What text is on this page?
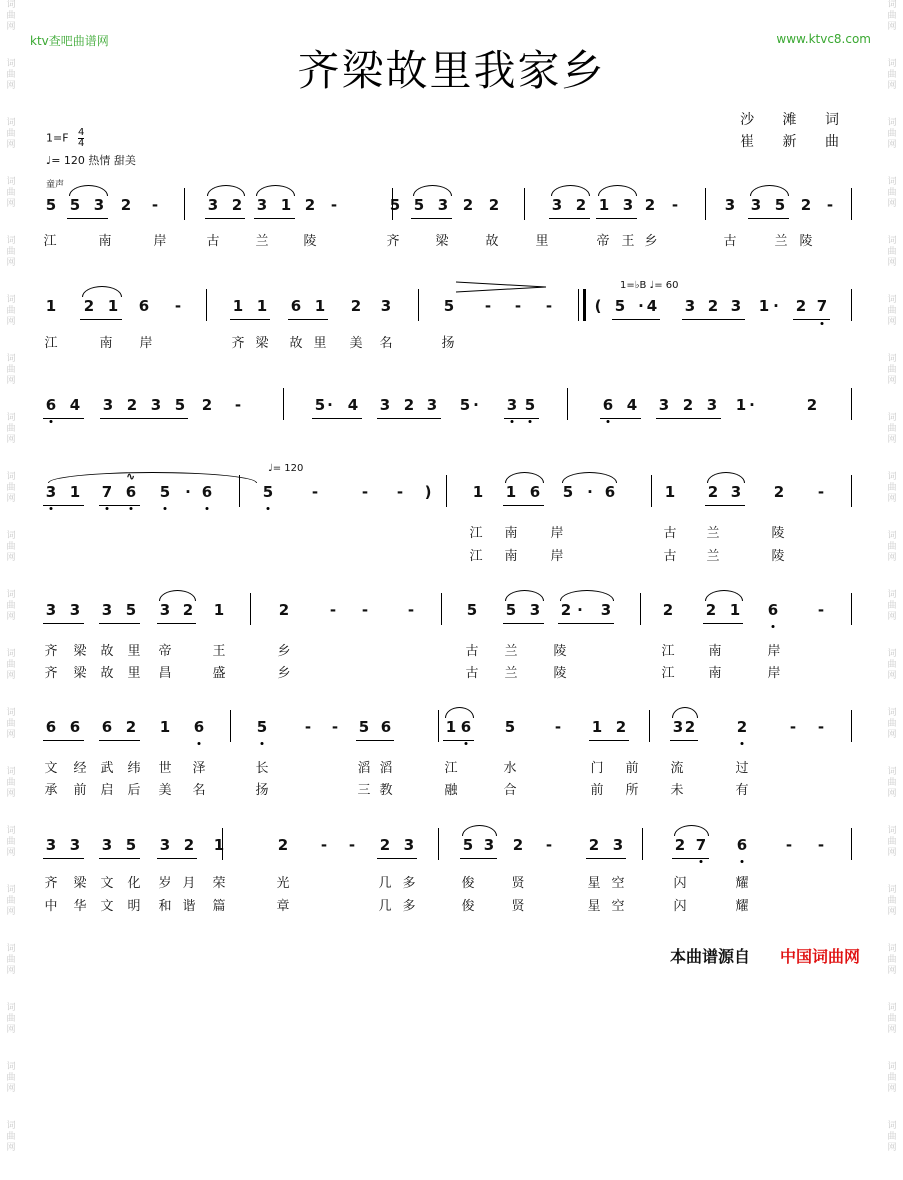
词
曲
网
词
曲
网
词
曲
网
词
曲
网
词
曲
网
词
曲
网
词
曲
网
词
曲
网
词
曲
网
词
曲
网
词
曲
网
词
曲
网
词
曲
网
词
曲
网
词
曲
网
词
曲
网
词
曲
网
词
曲
网
词
曲
网
词
曲
网
词
曲
网
词
曲
网
词
曲
网
词
曲
网
词
曲
网
词
曲
网
词
曲
网
词
曲
网
词
曲
网
词
曲
网
词
曲
网
词
曲
网
词
曲
网
词
曲
网
词
曲
网
词
曲
网
词
曲
网
词
曲
网
词
曲
网
词
曲
网
ktv查吧曲谱网	www.ktvc8.com
齐梁故里我家乡
沙 滩 词
崔 新 曲
$1=F \frac{4}{4}$
♩= 120 热情 甜美
童声
1=♭B ♩= 60
♩= 120
5 5 3 2 -	3 2 3 1 2 -	5 5 3 2 2	3 2 1 3 2 -	3 3 5 2 -
江	南	岸	古	兰	陵	齐	梁	故	里	帝 王 乡	古	兰 陵
1 2 1 6 -	1 1 6 1 2 3	5 - - -	( 5 · 4 3 2 3 1 · 2 7
江	南 岸	齐 梁 故 里 美 名	扬
6 4 3 2 3 5 2 -	5 · 4 3 2 3 5 · 3 5	6 4 3 2 3 1 ·	2
3 1 7 6 5 · 6	5	-	- - )	1 1 6 5 · 6	1 2 3 2 -
江 南	岸	古 兰	陵
江 南	岸	古 兰	陵
3 3 3 5 3 2 1	2	- -	-	5 5 3 2 · 3	2 2 1 6	-
齐 梁 故 里 帝	王	乡	古 兰	陵	江	南	岸
齐 梁 故 里 昌	盛	乡	古 兰	陵	江	南	岸
6 6 6 2 1 6	5	- - 5 6	1 6 5	- 1 2	3 2	2	- -
文 经 武 纬 世 泽	长	滔 滔	江	水	门 前 流	过
承 前 启 后 美 名	扬	三 教	融	合	前 所 未	有
3 3 3 5 3 2 1	2 - - 2 3	5 3 2 - 2 3	2 7 6	- -
齐 梁 文 化 岁 月 荣	光	几 多	俊	贤	星 空	闪	耀
中 华 文 明 和 谐 篇	章	几 多	俊	贤	星 空	闪	耀
∿
本曲谱源自 中国词曲网
